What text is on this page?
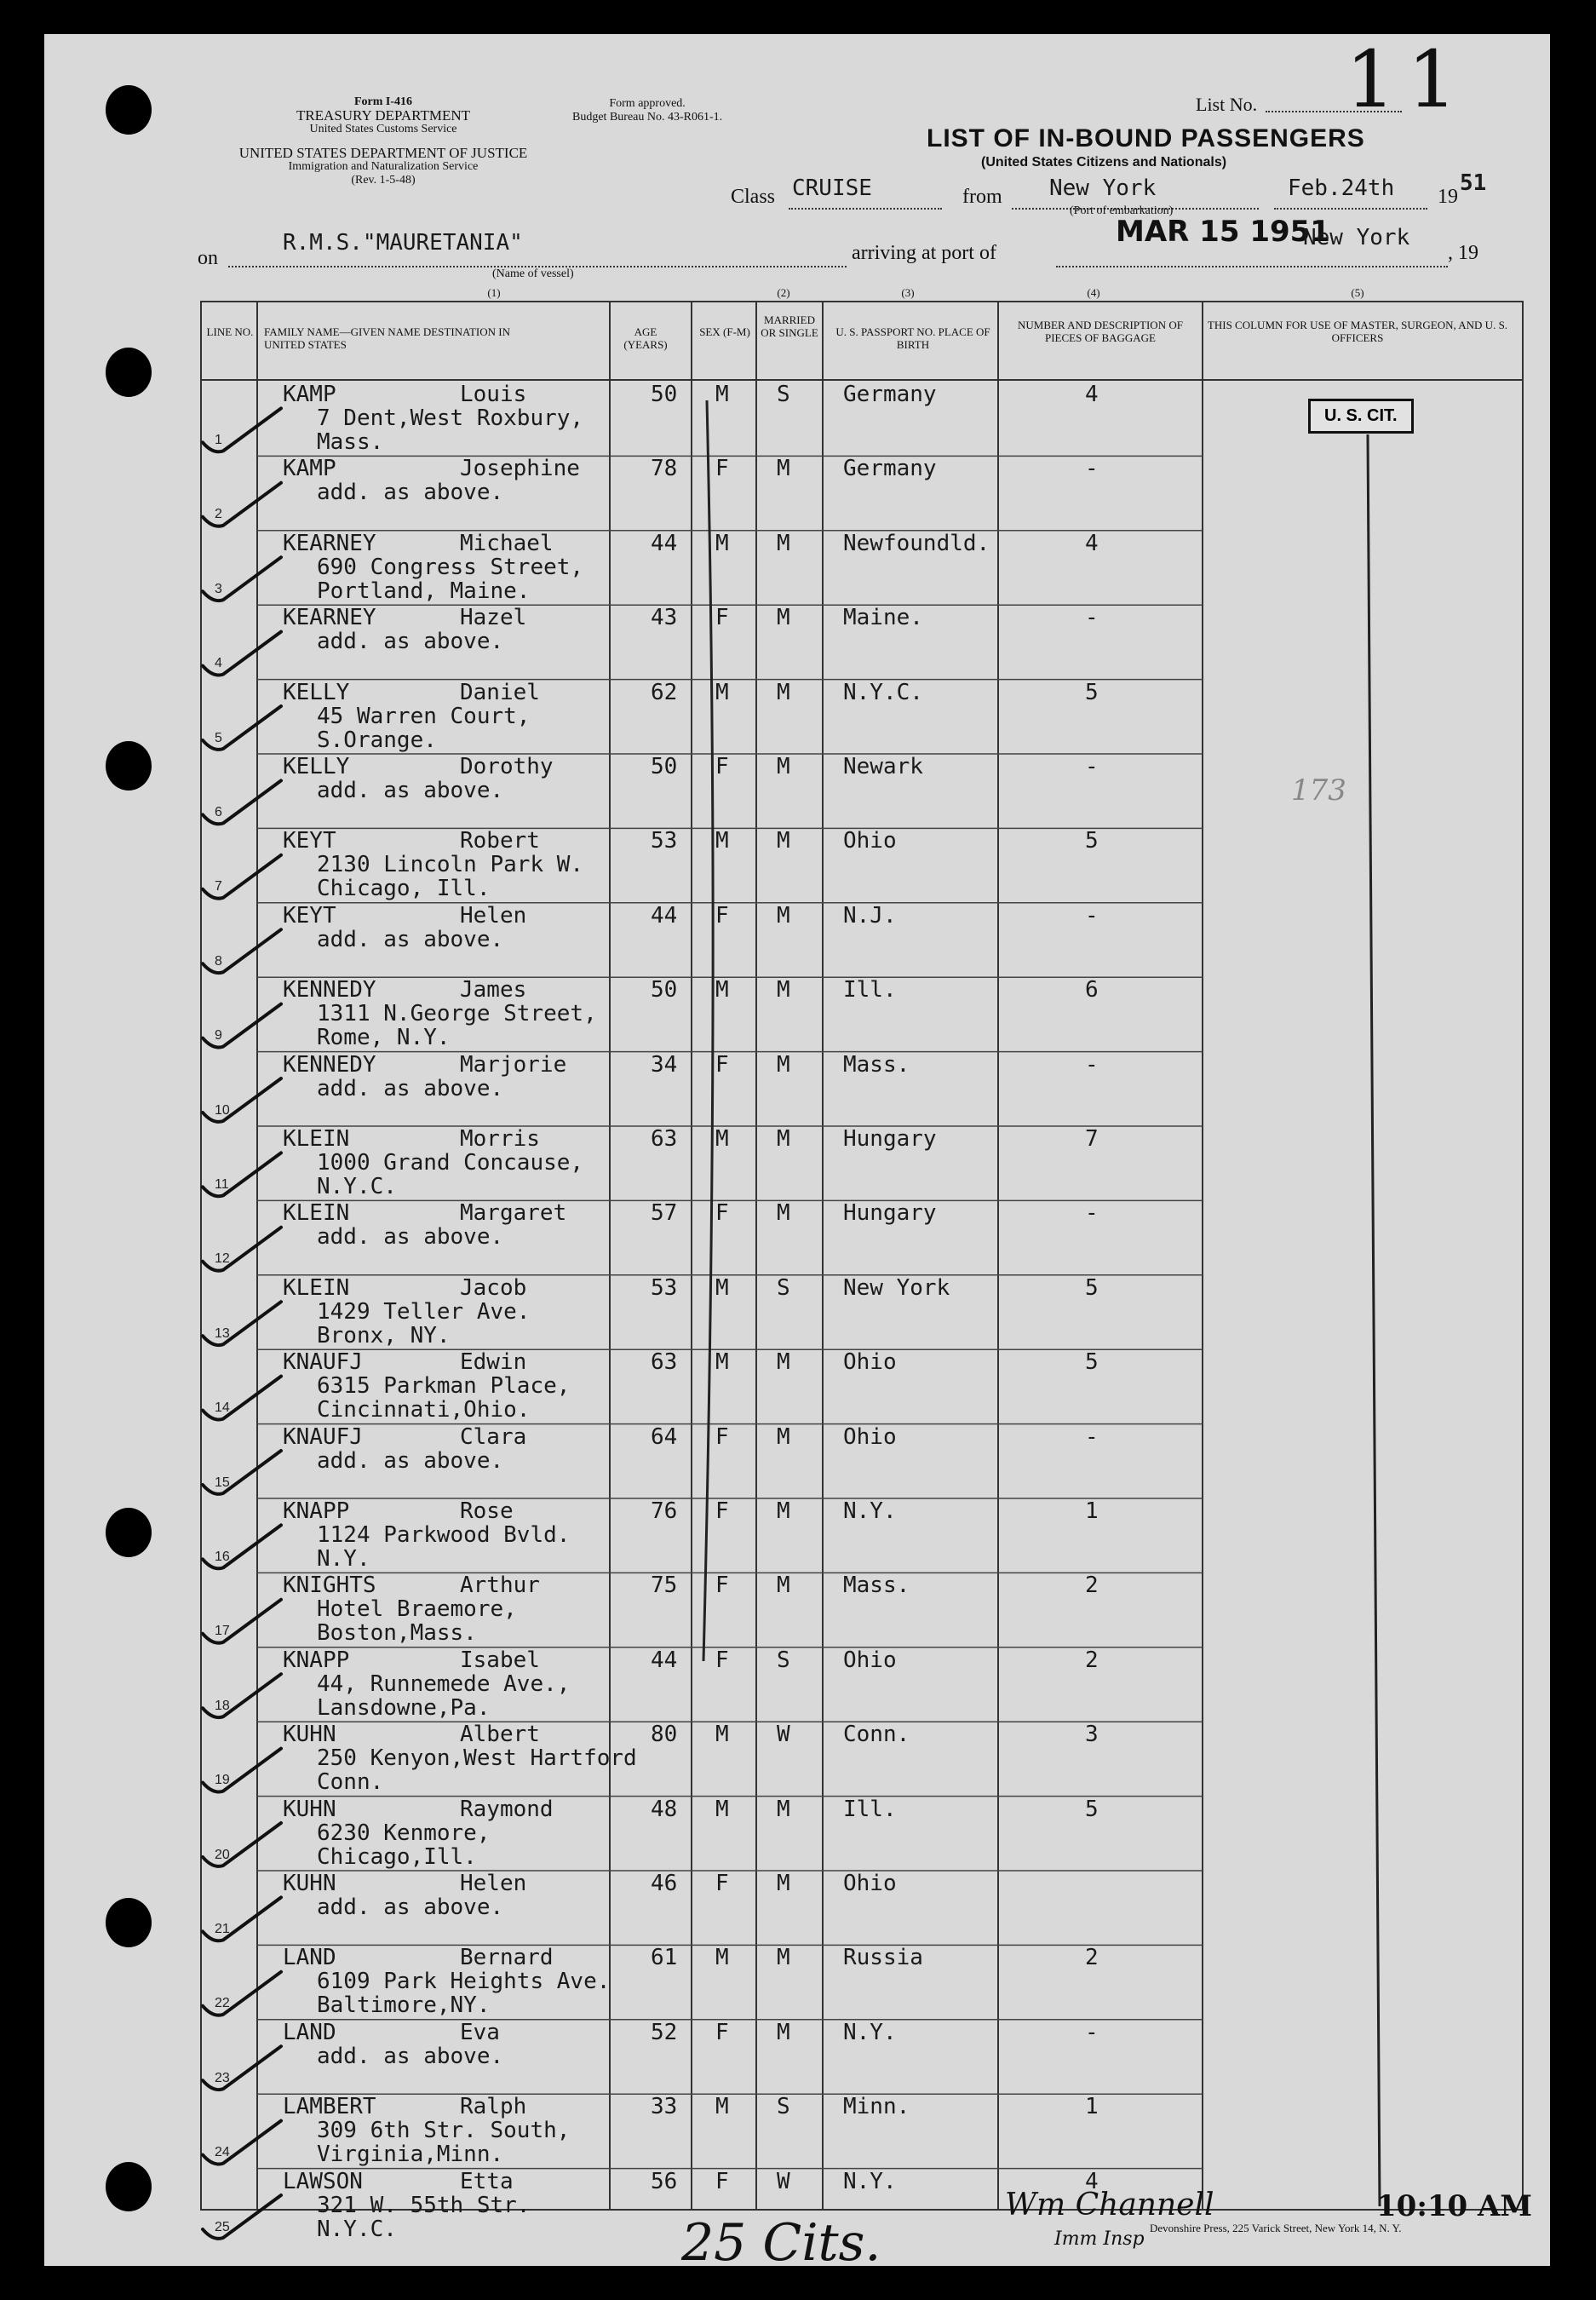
Form I-416
TREASURY DEPARTMENT
United States Customs Service
UNITED STATES DEPARTMENT OF JUSTICE
Immigration and Naturalization Service
(Rev. 1-5-48)
Form approved.
Budget Bureau No. 43-R061-1.
List No. 11
LIST OF IN-BOUND PASSENGERS
(United States Citizens and Nationals)
Class CRUISE	from New York
(Port of embarkation)
Feb.24th 19
51
on
R.M.S."MAURETANIA"
(Name of vessel)
arriving at port of
MAR 15 1951
New York
, 19
(1)	(2)	(3)	(4)	(5)
LINE NO. FAMILY NAME—GIVEN NAME DESTINATION IN UNITED STATES
AGE (YEARS)
SEX (F-M)
MARRIED OR SINGLE	U. S. PASSPORT NO. PLACE OF BIRTH
NUMBER AND DESCRIPTION OF PIECES OF BAGGAGE
THIS COLUMN FOR USE OF MASTER, SURGEON, AND U. S. OFFICERS
U. S. CIT.
173
1
KAMP	Louis
7 Dent,West Roxbury,
Mass.
50 M S Germany	4
2
KAMP	Josephine
add. as above.
78 F M Germany	-
3
KEARNEY	Michael
690 Congress Street,
Portland, Maine.
44 M M Newfoundld.	4
4
KEARNEY	Hazel
add. as above.
43 F M Maine.	-
5
KELLY	Daniel
45 Warren Court,
S.Orange.
62 M M N.Y.C.	5
6
KELLY	Dorothy
add. as above.
50 F M Newark	-
7
KEYT	Robert
2130 Lincoln Park W.
Chicago, Ill.
53 M M Ohio	5
8
KEYT	Helen
add. as above.
44 F M N.J.	-
9
KENNEDY	James
1311 N.George Street,
Rome, N.Y.
50 M M Ill.	6
10
KENNEDY	Marjorie
add. as above.
34 F M Mass.	-
11
KLEIN	Morris
1000 Grand Concause,
N.Y.C.
63 M M Hungary	7
12
KLEIN	Margaret
add. as above.
57 F M Hungary	-
13
KLEIN	Jacob
1429 Teller Ave.
Bronx, NY.
53 M S New York	5
14
KNAUFJ	Edwin
6315 Parkman Place,
Cincinnati,Ohio.
63 M M Ohio	5
15
KNAUFJ	Clara
add. as above.
64 F M Ohio	-
16
KNAPP	Rose
1124 Parkwood Bvld.
N.Y.
76 F M N.Y.	1
17
KNIGHTS	Arthur
Hotel Braemore,
Boston,Mass.
75 F M Mass.	2
18
KNAPP	Isabel
44, Runnemede Ave.,
Lansdowne,Pa.
44 F S Ohio	2
19
KUHN	Albert
250 Kenyon,West Hartford
Conn.
80 M W Conn.	3
20
KUHN	Raymond
6230 Kenmore,
Chicago,Ill.
48 M M Ill.	5
21
KUHN	Helen
add. as above.
46 F M Ohio
22
LAND	Bernard
6109 Park Heights Ave.
Baltimore,NY.
61 M M Russia	2
23
LAND	Eva
add. as above.
52 F M N.Y.	-
24
LAMBERT	Ralph
309 6th Str. South,
Virginia,Minn.
33 M S Minn.	1
25
LAWSON	Etta
321 W. 55th Str.
N.Y.C.
56 F W N.Y.	4
25 Cits.
Wm Channell
Imm Insp
10:10 AM
Devonshire Press, 225 Varick Street, New York 14, N. Y.
